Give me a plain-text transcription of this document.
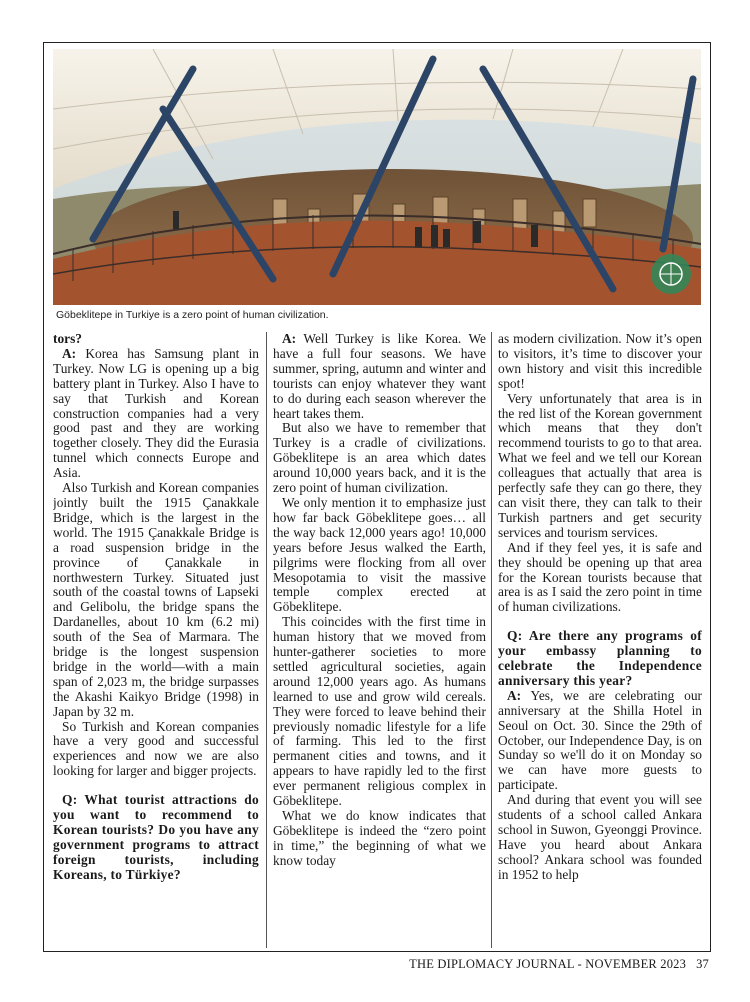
Göbeklitepe in Turkiye is a zero point of human civilization.

tors?

A: Korea has Samsung plant in Turkey. Now LG is opening up a big battery plant in Turkey. Also I have to say that Turkish and Korean construction companies had a very good past and they are working together closely. They did the Eurasia tunnel which connects Europe and Asia.

Also Turkish and Korean companies jointly built the 1915 Çanakkale Bridge, which is the largest in the world. The 1915 Çanakkale Bridge is a road suspension bridge in the province of Çanakkale in northwestern Turkey. Situated just south of the coastal towns of Lapseki and Gelibolu, the bridge spans the Dardanelles, about 10 km (6.2 mi) south of the Sea of Marmara. The bridge is the longest suspension bridge in the world—with a main span of 2,023 m, the bridge surpasses the Akashi Kaikyo Bridge (1998) in Japan by 32 m.

So Turkish and Korean companies have a very good and successful experiences and now we are also looking for larger and bigger projects.

Q: What tourist attractions do you want to recommend to Korean tourists? Do you have any government programs to attract foreign tourists, including Koreans, to Türkiye?

A: Well Turkey is like Korea. We have a full four seasons. We have summer, spring, autumn and winter and tourists can enjoy whatever they want to do during each season wherever the heart takes them.

But also we have to remember that Turkey is a cradle of civilizations. Göbeklitepe is an area which dates around 10,000 years back, and it is the zero point of human civilization.

We only mention it to emphasize just how far back Göbeklitepe goes… all the way back 12,000 years ago! 10,000 years before Jesus walked the Earth, pilgrims were flocking from all over Mesopotamia to visit the massive temple complex erected at Göbeklitepe.

This coincides with the first time in human history that we moved from hunter-gatherer societies to more settled agricultural societies, again around 12,000 years ago. As humans learned to use and grow wild cereals. They were forced to leave behind their previously nomadic lifestyle for a life of farming. This led to the first permanent cities and towns, and it appears to have rapidly led to the first ever permanent religious complex in Göbeklitepe.

What we do know indicates that Göbeklitepe is indeed the “zero point in time,” the beginning of what we know today

as modern civilization. Now it’s open to visitors, it’s time to discover your own history and visit this incredible spot!

Very unfortunately that area is in the red list of the Korean government which means that they don't recommend tourists to go to that area. What we feel and we tell our Korean colleagues that actually that area is perfectly safe they can go there, they can visit there, they can talk to their Turkish partners and get security services and tourism services.

And if they feel yes, it is safe and they should be opening up that area for the Korean tourists because that area is as I said the zero point in time of human civilizations.

Q: Are there any programs of your embassy planning to celebrate the Independence anniversary this year?

A: Yes, we are celebrating our anniversary at the Shilla Hotel in Seoul on Oct. 30. Since the 29th of October, our Independence Day, is on Sunday so we'll do it on Monday so we can have more guests to participate.

And during that event you will see students of a school called Ankara school in Suwon, Gyeonggi Province. Have you heard about Ankara school? Ankara school was founded in 1952 to help

THE DIPLOMACY JOURNAL - NOVEMBER 2023 37
